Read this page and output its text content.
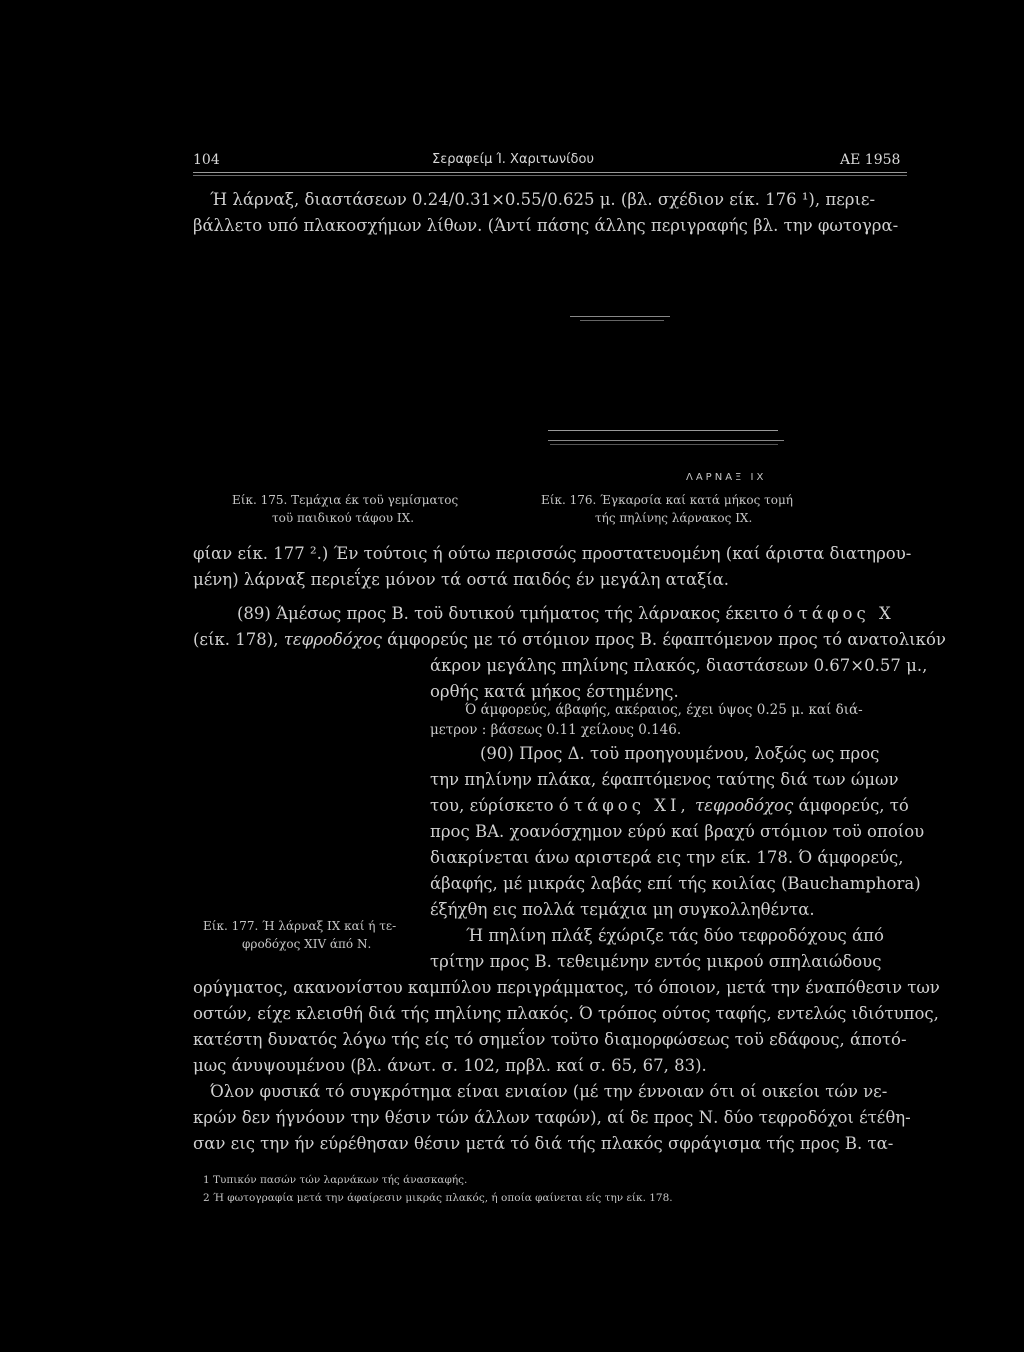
104	Σεραφείμ Ί. Χαριτωνίδου	ΑΕ 1958
Ή λάρναξ, διαστάσεων 0.24/0.31×0.55/0.625 μ. (βλ. σχέδιον είκ. 176 ¹), περιε-
βάλλετο υπό πλακοσχήμων λίθων. (Άντί πάσης άλλης περιγραφής βλ. την φωτογρα-
Είκ. 175. Τεμάχια έκ τοϋ γεμίσματος
τοϋ παιδικού τάφου IX.
ΛΑΡΝΑΞ IX
Είκ. 176. Έγκαρσία καί κατά μήκος τομή
τής πηλίνης λάρνακος IX.
φίαν είκ. 177 ².) Έν τούτοις ή ούτω περισσώς προστατευομένη (καί άριστα διατηρου-
μένη) λάρναξ περιεΐχε μόνον τά οστά παιδός έν μεγάλη αταξία.
(89) Άμέσως προς Β. τοϋ δυτικού τμήματος τής λάρνακος έκειτο ό τάφος X
(είκ. 178), τεφροδόχος άμφορεύς με τό στόμιον προς Β. έφαπτόμενον προς τό ανατολικόν
άκρον μεγάλης πηλίνης πλακός, διαστάσεων 0.67×0.57 μ.,
ορθής κατά μήκος έστημένης.
Ό άμφορεύς, άβαφής, ακέραιος, έχει ύψος 0.25 μ. καί διά-
μετρον : βάσεως 0.11 χείλους 0.146.
(90) Προς Δ. τοϋ προηγουμένου, λοξώς ως προς
την πηλίνην πλάκα, έφαπτόμενος ταύτης διά των ώμων
του, εύρίσκετο ό τάφος XI, τεφροδόχος άμφορεύς, τό
προς ΒΑ. χοανόσχημον εύρύ καί βραχύ στόμιον τοϋ οποίου
διακρίνεται άνω αριστερά εις την είκ. 178. Ό άμφορεύς,
άβαφής, μέ μικράς λαβάς επί τής κοιλίας (Bauchamphora)
έξήχθη εις πολλά τεμάχια μη συγκολληθέντα.
Είκ. 177. Ή λάρναξ IX καί ή τε-
φροδόχος XIV άπό Ν.	Ή πηλίνη πλάξ έχώριζε τάς δύο τεφροδόχους άπό
τρίτην προς Β. τεθειμένην εντός μικρού σπηλαιώδους
ορύγματος, ακανονίστου καμπύλου περιγράμματος, τό όποιον, μετά την έναπόθεσιν των
οστών, είχε κλεισθή διά τής πηλίνης πλακός. Ό τρόπος ούτος ταφής, εντελώς ιδιότυπος,
κατέστη δυνατός λόγω τής είς τό σημεΐον τοϋτο διαμορφώσεως τοϋ εδάφους, άποτό-
μως άνυψουμένου (βλ. άνωτ. σ. 102, πρβλ. καί σ. 65, 67, 83).
Όλον φυσικά τό συγκρότημα είναι ενιαίον (μέ την έννοιαν ότι οί οικείοι τών νε-
κρών δεν ήγνόουν την θέσιν τών άλλων ταφών), αί δε προς Ν. δύο τεφροδόχοι έτέθη-
σαν εις την ήν εύρέθησαν θέσιν μετά τό διά τής πλακός σφράγισμα τής προς Β. τα-
1 Τυπικόν πασών τών λαρνάκων τής άνασκαφής.
2 Ή φωτογραφία μετά την άφαίρεσιν μικράς πλακός, ή οποία φαίνεται είς την είκ. 178.
